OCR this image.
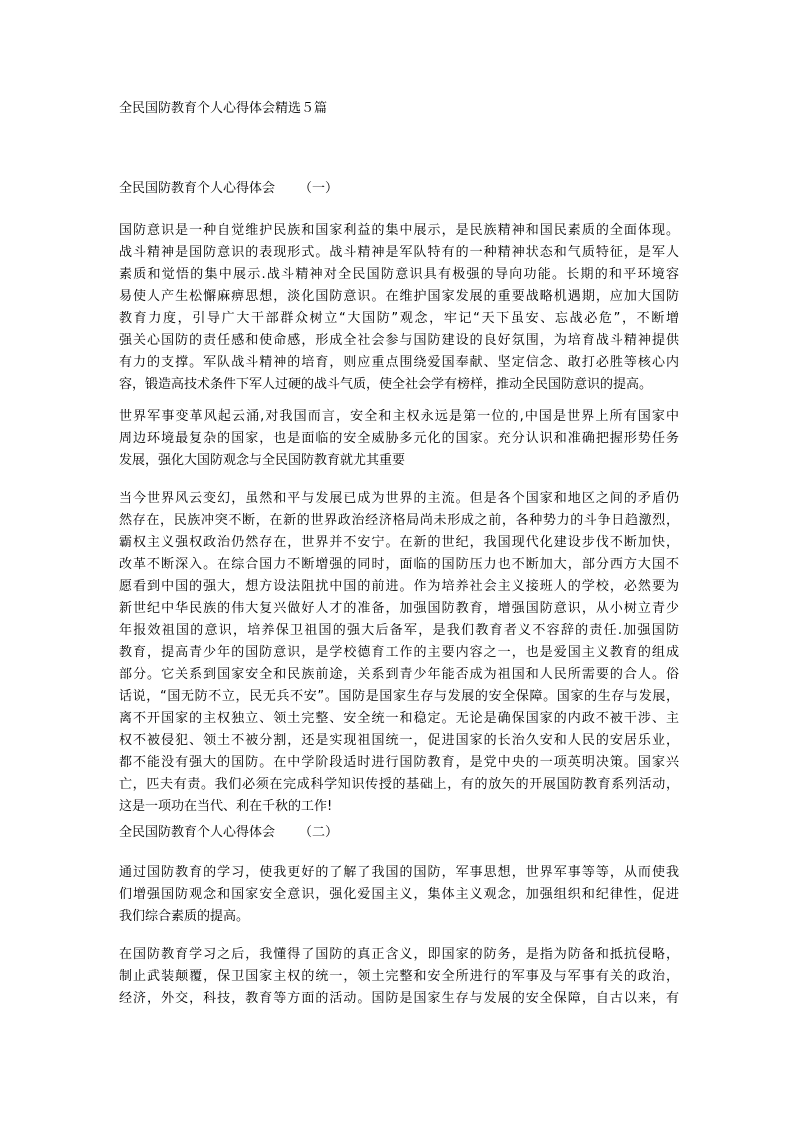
全民国防教育个人心得体会精选５篇
全民国防教育个人心得体会 （一）
国防意识是一种自觉维护民族和国家利益的集中展示，是民族精神和国民素质的全面体现。
战斗精神是国防意识的表现形式。战斗精神是军队特有的一种精神状态和气质特征，是军人
素质和觉悟的集中展示.战斗精神对全民国防意识具有极强的导向功能。长期的和平环境容
易使人产生松懈麻痹思想，淡化国防意识。在维护国家发展的重要战略机遇期，应加大国防
教育力度，引导广大干部群众树立“大国防”观念，牢记“天下虽安、忘战必危”，不断增
强关心国防的责任感和使命感，形成全社会参与国防建设的良好氛围，为培育战斗精神提供
有力的支撑。军队战斗精神的培育，则应重点围绕爱国奉献、坚定信念、敢打必胜等核心内
容，锻造高技术条件下军人过硬的战斗气质，使全社会学有榜样，推动全民国防意识的提高。
世界军事变革风起云涌,对我国而言，安全和主权永远是第一位的,中国是世界上所有国家中
周边环境最复杂的国家，也是面临的安全威胁多元化的国家。充分认识和准确把握形势任务
发展，强化大国防观念与全民国防教育就尤其重要
当今世界风云变幻，虽然和平与发展已成为世界的主流。但是各个国家和地区之间的矛盾仍
然存在，民族冲突不断，在新的世界政治经济格局尚未形成之前，各种势力的斗争日趋激烈，
霸权主义强权政治仍然存在，世界并不安宁。在新的世纪，我国现代化建设步伐不断加快，
改革不断深入。在综合国力不断增强的同时，面临的国防压力也不断加大，部分西方大国不
愿看到中国的强大，想方设法阻扰中国的前进。作为培养社会主义接班人的学校，必然要为
新世纪中华民族的伟大复兴做好人才的准备，加强国防教育，增强国防意识，从小树立青少
年报效祖国的意识，培养保卫祖国的强大后备军，是我们教育者义不容辞的责任.加强国防
教育，提高青少年的国防意识，是学校德育工作的主要内容之一，也是爱国主义教育的组成
部分。它关系到国家安全和民族前途，关系到青少年能否成为祖国和人民所需要的合人。俗
话说，“国无防不立，民无兵不安”。国防是国家生存与发展的安全保障。国家的生存与发展，
离不开国家的主权独立、领土完整、安全统一和稳定。无论是确保国家的内政不被干涉、主
权不被侵犯、领土不被分割，还是实现祖国统一，促进国家的长治久安和人民的安居乐业，
都不能没有强大的国防。在中学阶段适时进行国防教育，是党中央的一项英明决策。国家兴
亡，匹夫有责。我们必须在完成科学知识传授的基础上，有的放矢的开展国防教育系列活动，
这是一项功在当代、利在千秋的工作!
全民国防教育个人心得体会 （二）
通过国防教育的学习，使我更好的了解了我国的国防，军事思想，世界军事等等，从而使我
们增强国防观念和国家安全意识，强化爱国主义，集体主义观念，加强组织和纪律性，促进
我们综合素质的提高。
在国防教育学习之后，我懂得了国防的真正含义，即国家的防务，是指为防备和抵抗侵略，
制止武装颠覆，保卫国家主权的统一，领土完整和安全所进行的军事及与军事有关的政治，
经济，外交，科技，教育等方面的活动。国防是国家生存与发展的安全保障，自古以来，有
